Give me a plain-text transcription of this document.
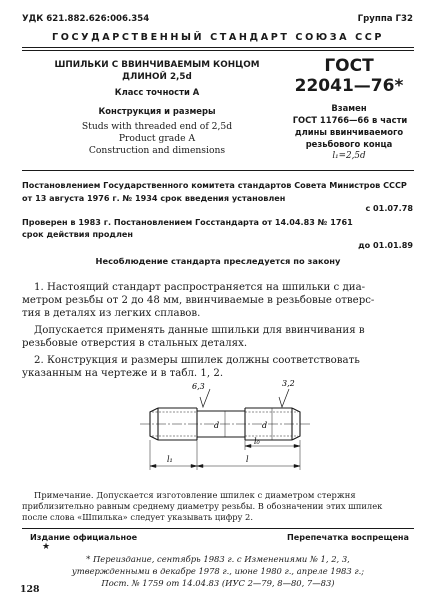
УДК 621.882.626:006.354	Группа Г32
ГОСУДАРСТВЕННЫЙ СТАНДАРТ СОЮЗА ССР
ШПИЛЬКИ С ВВИНЧИВАЕМЫМ КОНЦОМ
ДЛИНОЙ 2,5d
Класс точности А
Конструкция и размеры
Studs with threaded end of 2,5d
Product grade A
Construction and dimensions
ГОСТ
22041—76*
Взамен
ГОСТ 11766—66 в части
длины ввинчиваемого
резьбового конца
l₁=2,5d
Постановлением Государственного комитета стандартов Совета Министров СССР
от 13 августа 1976 г. № 1934 срок введения установлен
с 01.07.78
Проверен в 1983 г. Постановлением Госстандарта от 14.04.83 № 1761
срок действия продлен
до 01.01.89
Несоблюдение стандарта преследуется по закону
1. Настоящий стандарт распространяется на шпильки с диа-
метром резьбы от 2 до 48 мм, ввинчиваемые в резьбовые отверс-
тия в деталях из легких сплавов.
Допускается применять данные шпильки для ввинчивания в
резьбовые отверстия в стальных деталях.
2. Конструкция и размеры шпилек должны соответствовать
указанным на чертеже и в табл. 1, 2.
6,3	3,2
d	d
l₀
l₁	l
Примечание. Допускается изготовление шпилек с диаметром стержня
приблизительно равным среднему диаметру резьбы. В обозначении этих шпилек
после слова «Шпилька» следует указывать цифру 2.
Издание официальное	Перепечатка воспрещена
★
* Переиздание, сентябрь 1983 г. с Изменениями № 1, 2, 3,
утвержденными в декабре 1978 г., июне 1980 г., апреле 1983 г.;
Пост. № 1759 от 14.04.83 (ИУС 2—79, 8—80, 7—83)
128
